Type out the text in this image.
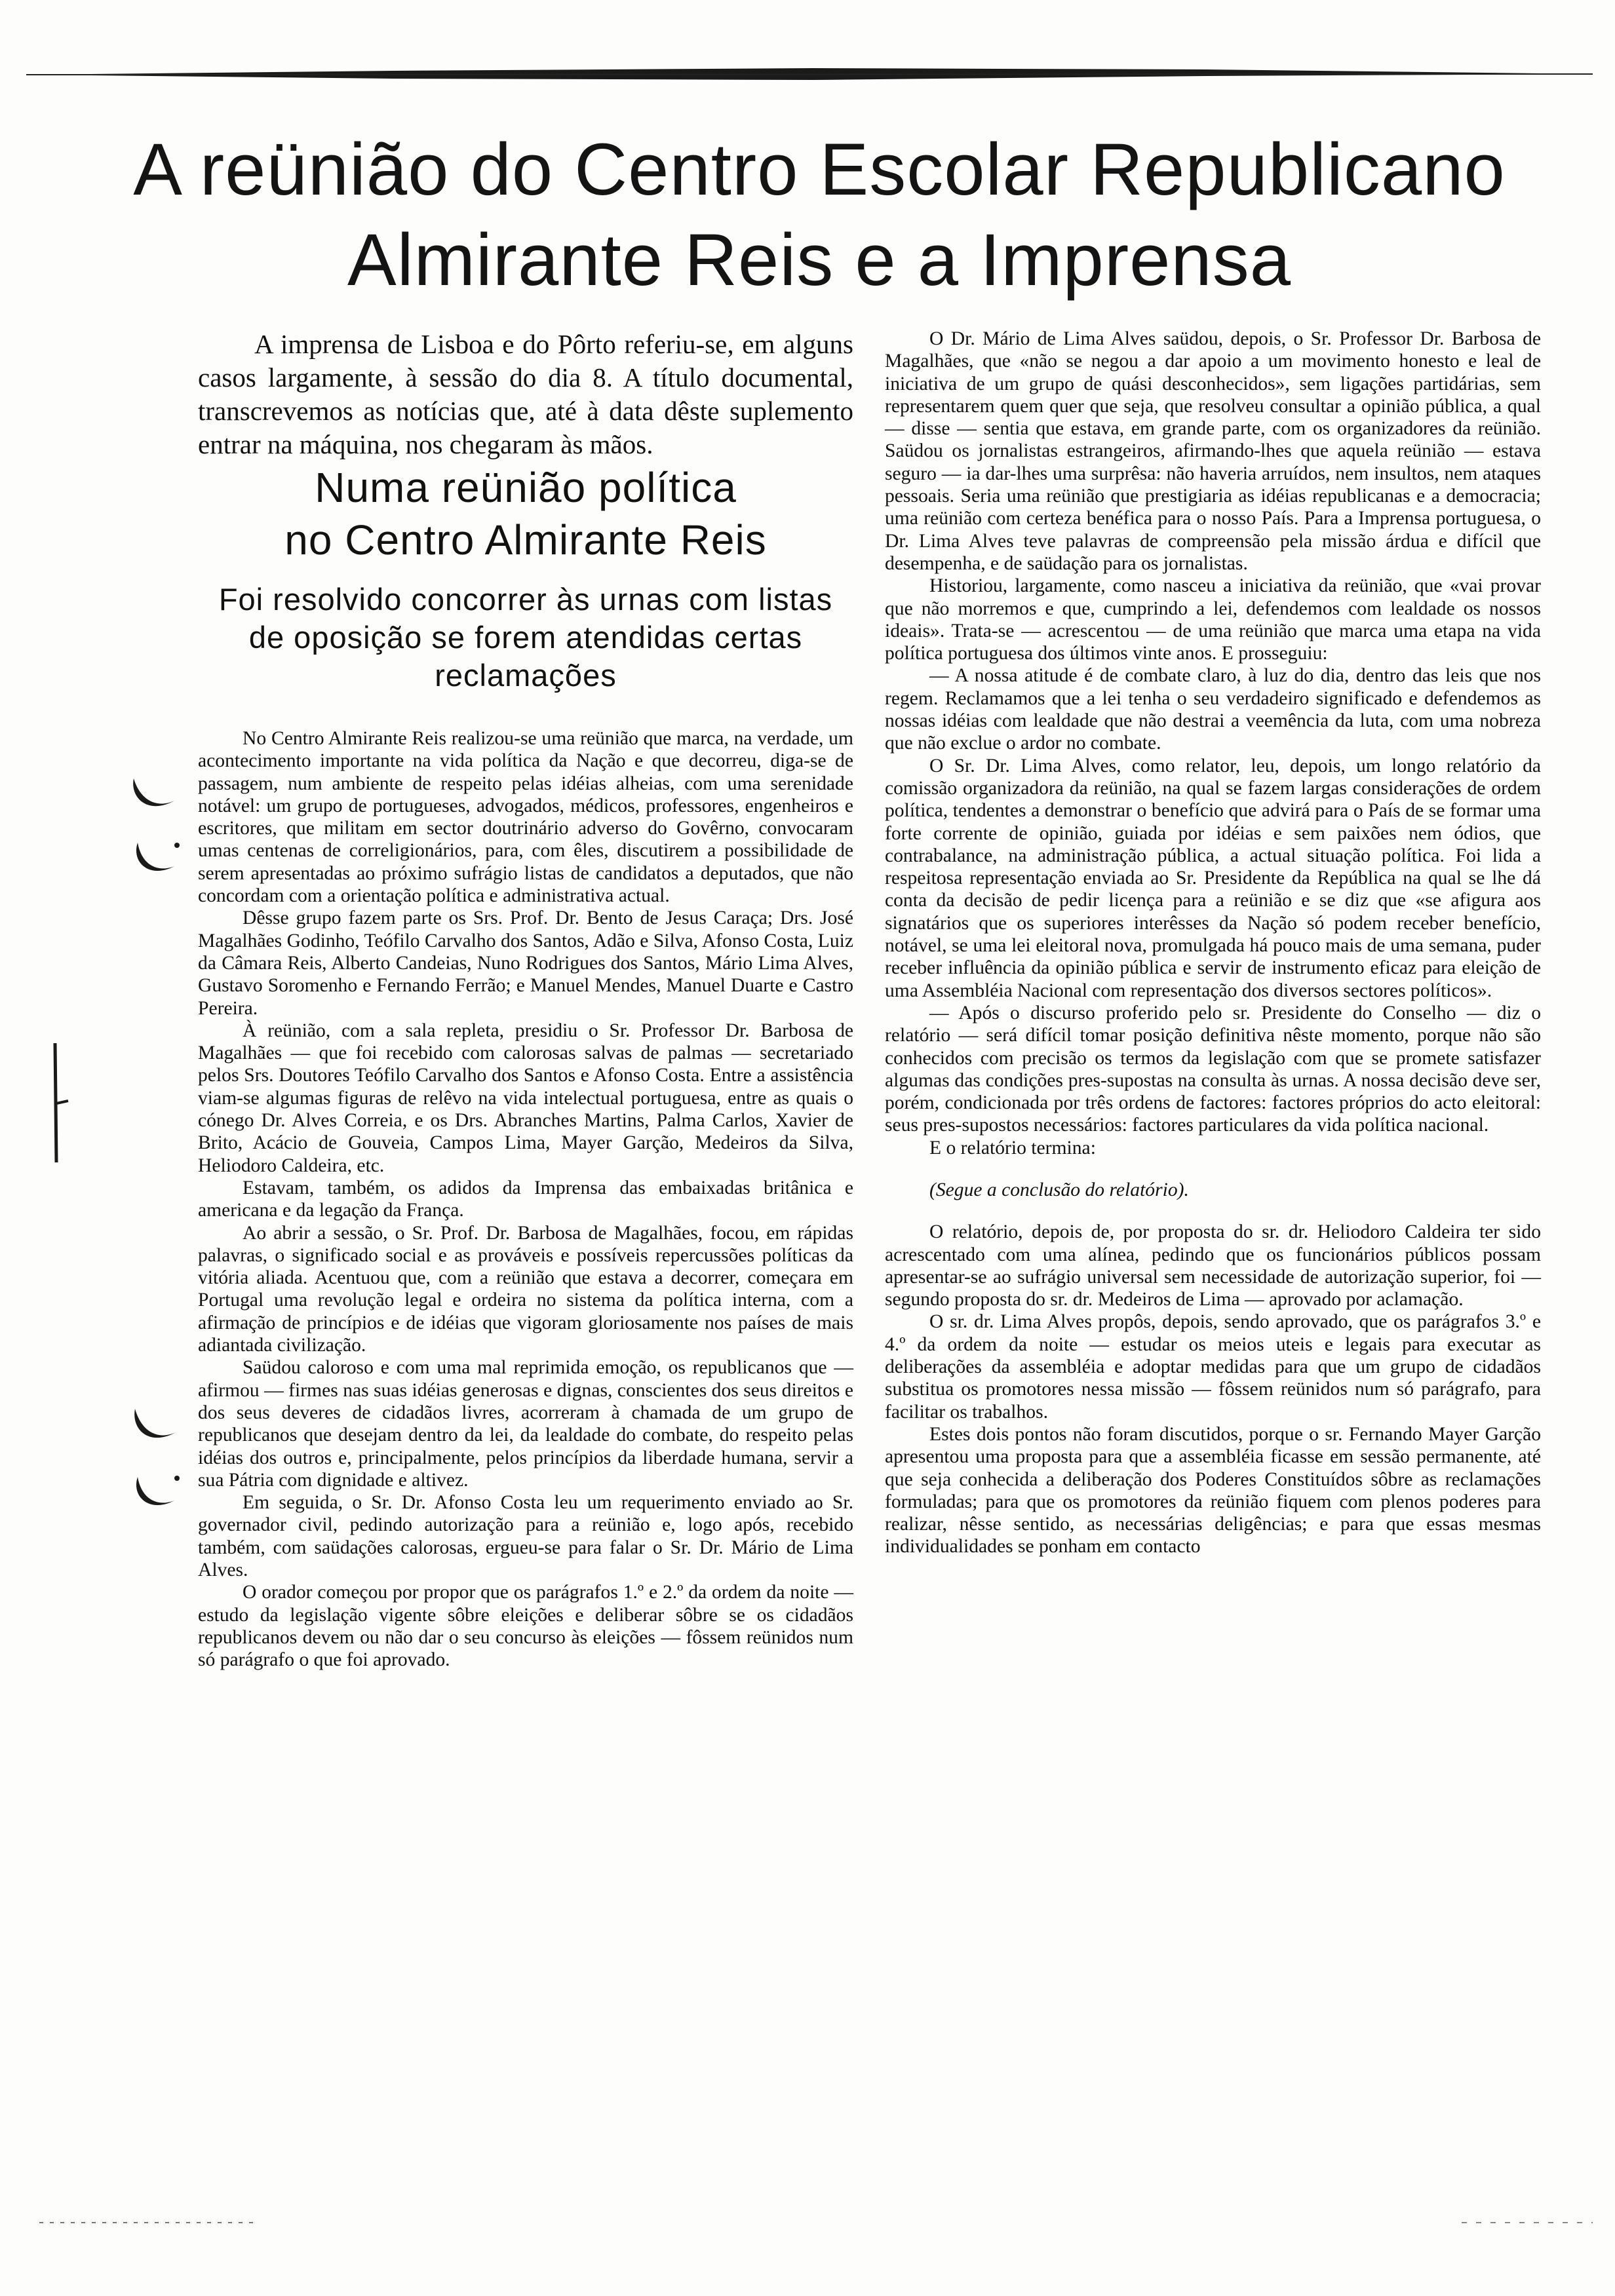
A reünião do Centro Escolar Republicano
Almirante Reis e a Imprensa

A imprensa de Lisboa e do Pôrto referiu-se, em alguns casos largamente, à sessão do dia 8. A título documental, transcrevemos as notícias que, até à data dêste suplemento entrar na máquina, nos chegaram às mãos.

Numa reünião política
no Centro Almirante Reis
Foi resolvido concorrer às urnas com listas de oposição se forem atendidas certas reclamações

No Centro Almirante Reis realizou-se uma reünião que marca, na verdade, um acontecimento importante na vida política da Nação e que decorreu, diga-se de passagem, num ambiente de respeito pelas idéias alheias, com uma serenidade notável: um grupo de portugueses, advogados, médicos, professores, engenheiros e escritores, que militam em sector doutrinário adverso do Govêrno, convocaram umas centenas de correligionários, para, com êles, discutirem a possibilidade de serem apresentadas ao próximo sufrágio listas de candidatos a deputados, que não concordam com a orientação política e administrativa actual.

Dêsse grupo fazem parte os Srs. Prof. Dr. Bento de Jesus Caraça; Drs. José Magalhães Godinho, Teófilo Carvalho dos Santos, Adão e Silva, Afonso Costa, Luiz da Câmara Reis, Alberto Candeias, Nuno Rodrigues dos Santos, Mário Lima Alves, Gustavo Soromenho e Fernando Ferrão; e Manuel Mendes, Manuel Duarte e Castro Pereira.

À reünião, com a sala repleta, presidiu o Sr. Professor Dr. Barbosa de Magalhães — que foi recebido com calorosas salvas de palmas — secretariado pelos Srs. Doutores Teófilo Carvalho dos Santos e Afonso Costa. Entre a assistência viam-se algumas figuras de relêvo na vida intelectual portuguesa, entre as quais o cónego Dr. Alves Correia, e os Drs. Abranches Martins, Palma Carlos, Xavier de Brito, Acácio de Gouveia, Campos Lima, Mayer Garção, Medeiros da Silva, Heliodoro Caldeira, etc.

Estavam, também, os adidos da Imprensa das embaixadas britânica e americana e da legação da França.

Ao abrir a sessão, o Sr. Prof. Dr. Barbosa de Magalhães, focou, em rápidas palavras, o significado social e as prováveis e possíveis repercussões políticas da vitória aliada. Acentuou que, com a reünião que estava a decorrer, começara em Portugal uma revolução legal e ordeira no sistema da política interna, com a afirmação de princípios e de idéias que vigoram gloriosamente nos países de mais adiantada civilização.

Saüdou caloroso e com uma mal reprimida emoção, os republicanos que — afirmou — firmes nas suas idéias generosas e dignas, conscientes dos seus direitos e dos seus deveres de cidadãos livres, acorreram à chamada de um grupo de republicanos que desejam dentro da lei, da lealdade do combate, do respeito pelas idéias dos outros e, principalmente, pelos princípios da liberdade humana, servir a sua Pátria com dignidade e altivez.

Em seguida, o Sr. Dr. Afonso Costa leu um requerimento enviado ao Sr. governador civil, pedindo autorização para a reünião e, logo após, recebido também, com saüdações calorosas, ergueu-se para falar o Sr. Dr. Mário de Lima Alves.

O orador começou por propor que os parágrafos 1.º e 2.º da ordem da noite — estudo da legislação vigente sôbre eleições e deliberar sôbre se os cidadãos republicanos devem ou não dar o seu concurso às eleições — fôssem reünidos num só parágrafo o que foi aprovado.

O Dr. Mário de Lima Alves saüdou, depois, o Sr. Professor Dr. Barbosa de Magalhães, que «não se negou a dar apoio a um movimento honesto e leal de iniciativa de um grupo de quási desconhecidos», sem ligações partidárias, sem representarem quem quer que seja, que resolveu consultar a opinião pública, a qual — disse — sentia que estava, em grande parte, com os organizadores da reünião. Saüdou os jornalistas estrangeiros, afirmando-lhes que aquela reünião — estava seguro — ia dar-lhes uma surprêsa: não haveria arruídos, nem insultos, nem ataques pessoais. Seria uma reünião que prestigiaria as idéias republicanas e a democracia; uma reünião com certeza benéfica para o nosso País. Para a Imprensa portuguesa, o Dr. Lima Alves teve palavras de compreensão pela missão árdua e difícil que desempenha, e de saüdação para os jornalistas.

Historiou, largamente, como nasceu a iniciativa da reünião, que «vai provar que não morremos e que, cumprindo a lei, defendemos com lealdade os nossos ideais». Trata-se — acrescentou — de uma reünião que marca uma etapa na vida política portuguesa dos últimos vinte anos. E prosseguiu:

— A nossa atitude é de combate claro, à luz do dia, dentro das leis que nos regem. Reclamamos que a lei tenha o seu verdadeiro significado e defendemos as nossas idéias com lealdade que não destrai a veemência da luta, com uma nobreza que não exclue o ardor no combate.

O Sr. Dr. Lima Alves, como relator, leu, depois, um longo relatório da comissão organizadora da reünião, na qual se fazem largas considerações de ordem política, tendentes a demonstrar o benefício que advirá para o País de se formar uma forte corrente de opinião, guiada por idéias e sem paixões nem ódios, que contrabalance, na administração pública, a actual situação política. Foi lida a respeitosa representação enviada ao Sr. Presidente da República na qual se lhe dá conta da decisão de pedir licença para a reünião e se diz que «se afigura aos signatários que os superiores interêsses da Nação só podem receber benefício, notável, se uma lei eleitoral nova, promulgada há pouco mais de uma semana, puder receber influência da opinião pública e servir de instrumento eficaz para eleição de uma Assembléia Nacional com representação dos diversos sectores políticos».

— Após o discurso proferido pelo sr. Presidente do Conselho — diz o relatório — será difícil tomar posição definitiva nêste momento, porque não são conhecidos com precisão os termos da legislação com que se promete satisfazer algumas das condições pres-supostas na consulta às urnas. A nossa decisão deve ser, porém, condicionada por três ordens de factores: factores próprios do acto eleitoral: seus pres-supostos necessários: factores particulares da vida política nacional.

E o relatório termina:

(Segue a conclusão do relatório).

O relatório, depois de, por proposta do sr. dr. Heliodoro Caldeira ter sido acrescentado com uma alínea, pedindo que os funcionários públicos possam apresentar-se ao sufrágio universal sem necessidade de autorização superior, foi — segundo proposta do sr. dr. Medeiros de Lima — aprovado por aclamação.

O sr. dr. Lima Alves propôs, depois, sendo aprovado, que os parágrafos 3.º e 4.º da ordem da noite — estudar os meios uteis e legais para executar as deliberações da assembléia e adoptar medidas para que um grupo de cidadãos substitua os promotores nessa missão — fôssem reünidos num só parágrafo, para facilitar os trabalhos.

Estes dois pontos não foram discutidos, porque o sr. Fernando Mayer Garção apresentou uma proposta para que a assembléia ficasse em sessão permanente, até que seja conhecida a deliberação dos Poderes Constituídos sôbre as reclamações formuladas; para que os promotores da reünião fiquem com plenos poderes para realizar, nêsse sentido, as necessárias deligências; e para que essas mesmas individualidades se ponham em contacto
